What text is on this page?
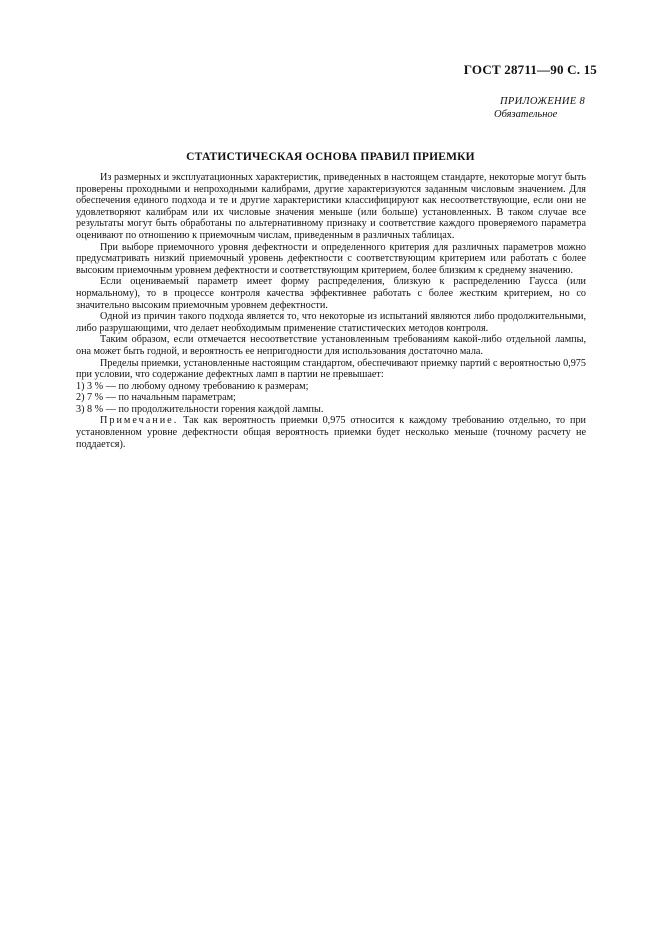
ГОСТ 28711—90 С. 15
ПРИЛОЖЕНИЕ 8
Обязательное
СТАТИСТИЧЕСКАЯ ОСНОВА ПРАВИЛ ПРИЕМКИ

Из размерных и эксплуатационных характеристик, приведенных в настоящем стандарте, некоторые могут быть проверены проходными и непроходными калибрами, другие характеризуются заданным числовым значением. Для обеспечения единого подхода и те и другие характеристики классифицируют как несоответствующие, если они не удовлетворяют калибрам или их числовые значения меньше (или больше) установленных. В таком случае все результаты могут быть обработаны по альтернативному признаку и соответствие каждого проверяемого параметра оценивают по отношению к приемочным числам, приведенным в различных таблицах.

При выборе приемочного уровня дефектности и определенного критерия для различных параметров можно предусматривать низкий приемочный уровень дефектности с соответствующим критерием или работать с более высоким приемочным уровнем дефектности и соответствующим критерием, более близким к среднему значению.

Если оцениваемый параметр имеет форму распределения, близкую к распределению Гаусса (или нормальному), то в процессе контроля качества эффективнее работать с более жестким критерием, но со значительно высоким приемочным уровнем дефектности.

Одной из причин такого подхода является то, что некоторые из испытаний являются либо продолжительными, либо разрушающими, что делает необходимым применение статистических методов контроля.

Таким образом, если отмечается несоответствие установленным требованиям какой-либо отдельной лампы, она может быть годной, и вероятность ее непригодности для использования достаточно мала.

Пределы приемки, установленные настоящим стандартом, обеспечивают приемку партий с вероятностью 0,975 при условии, что содержание дефектных ламп в партии не превышает:

1) 3 % — по любому одному требованию к размерам;

2) 7 % — по начальным параметрам;

3) 8 % — по продолжительности горения каждой лампы.

Примечание. Так как вероятность приемки 0,975 относится к каждому требованию отдельно, то при установленном уровне дефектности общая вероятность приемки будет несколько меньше (точному расчету не поддается).
